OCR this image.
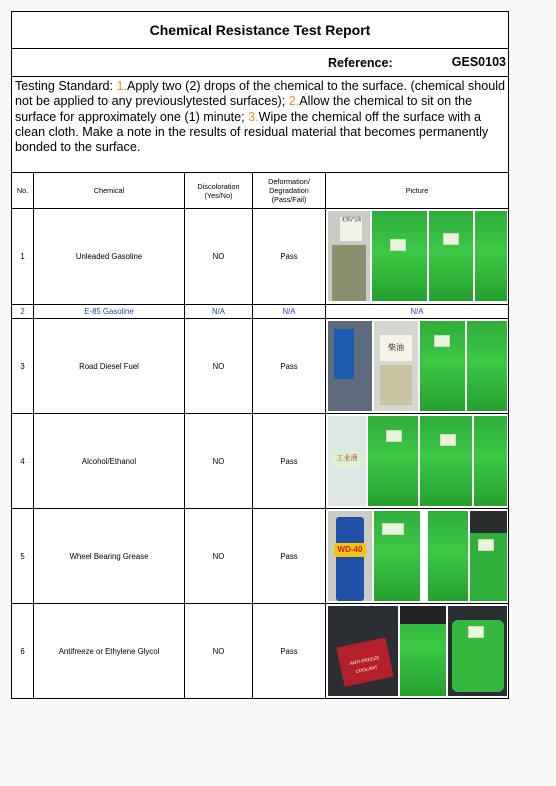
Chemical Resistance Test Report				
Reference: GES0103				

Testing Standard: 1.Apply two (2) drops of the chemical to the surface. (chemical should not be applied to any previouslytested surfaces); 2.Allow the chemical to sit on the surface for approximately one (1) minute; 3.Wipe the chemical off the surface with a clean cloth. Make a note in the results of residual material that becomes permanently bonded to the surface.				
No.	Chemical	Discoloration (Yes/No)	Deformation/ Degradation (Pass/Fail)	Picture
1	Unleaded Gasoline	NO	Pass	无铅汽油

2	E-85 Gasoline	N/A	N/A	N/A
3	Road Diesel Fuel	NO	Pass	柴油

4	Alcohol/Ethanol	NO	Pass	工业酒

5	Wheel Bearing Grease	NO	Pass	WD-40

6	Antifreeze or Ethylene Glycol	NO	Pass	ANTI-FREEZE COOLANT
